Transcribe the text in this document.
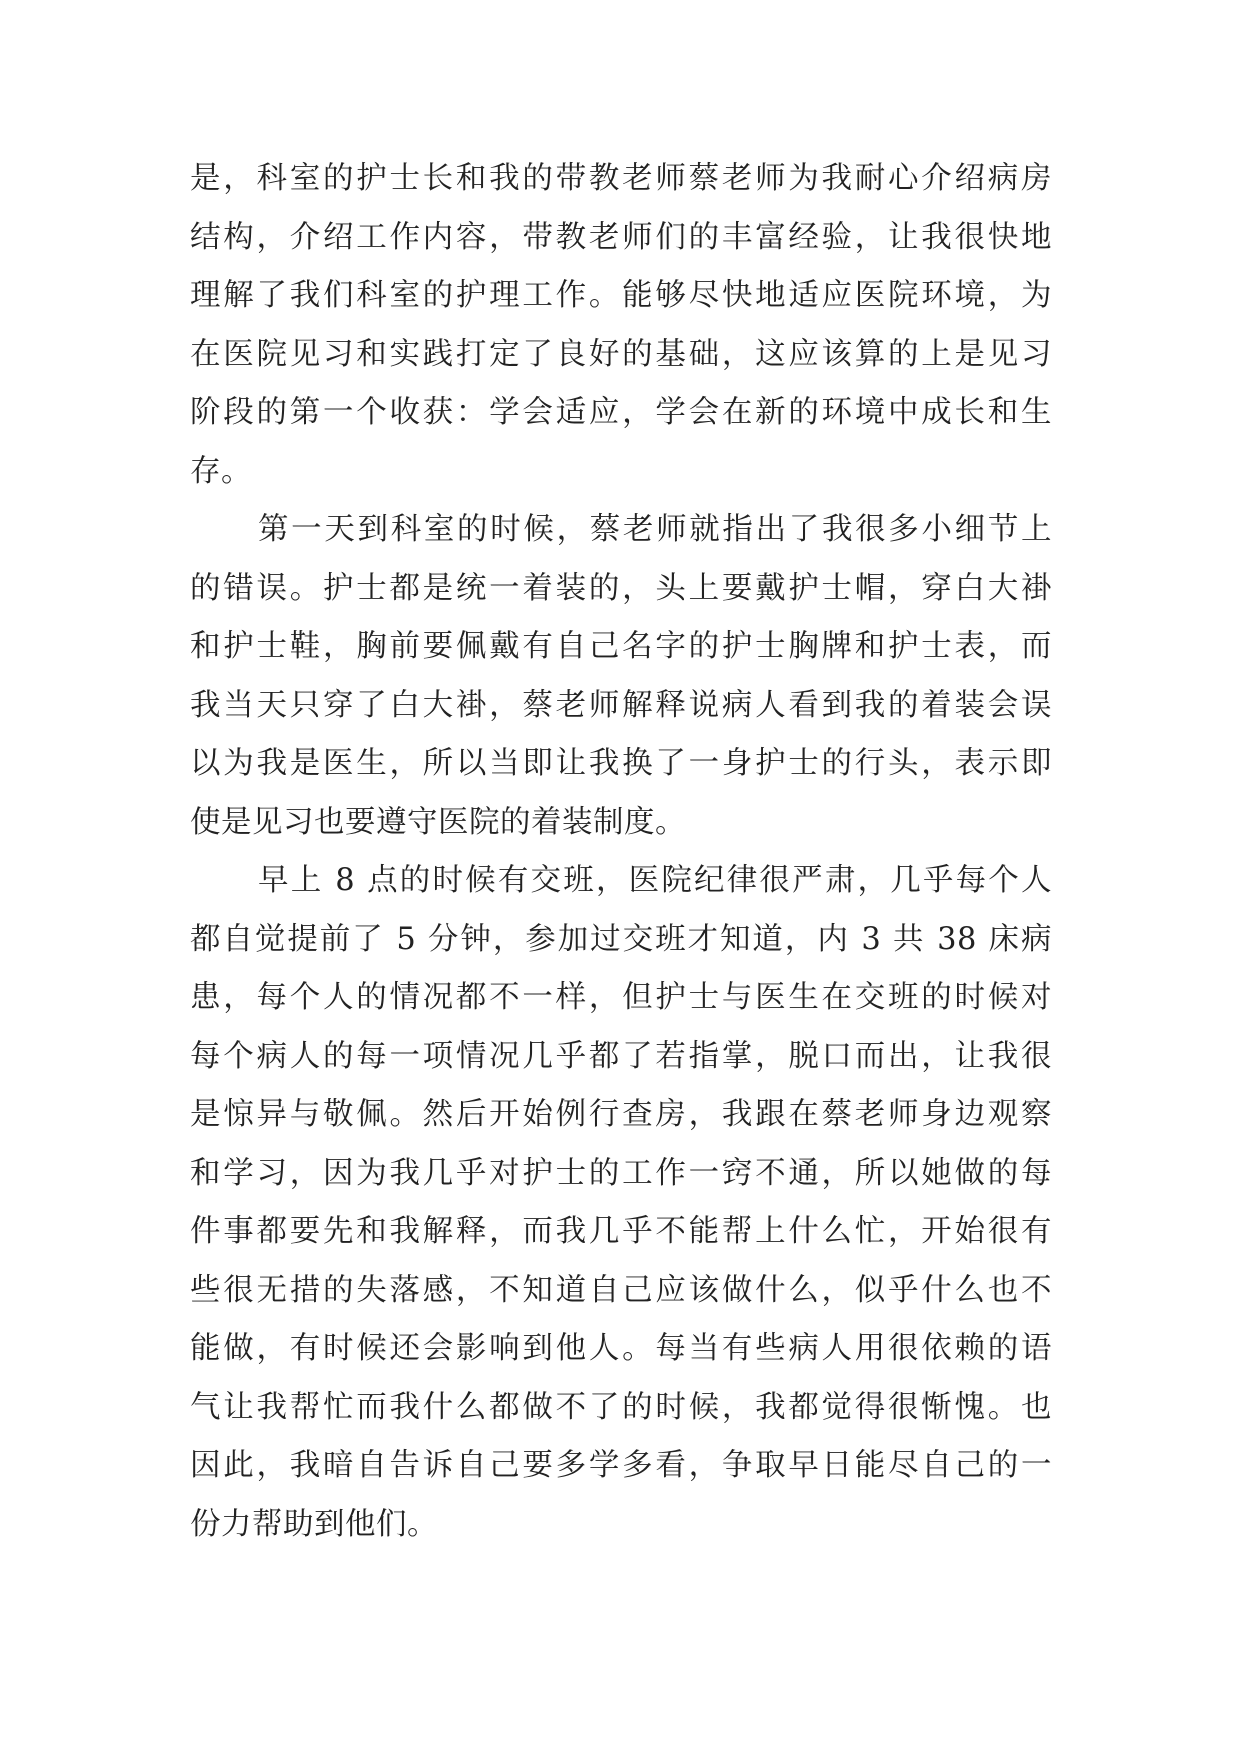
是，科室的护士长和我的带教老师蔡老师为我耐心介绍病房
结构，介绍工作内容，带教老师们的丰富经验，让我很快地
理解了我们科室的护理工作。能够尽快地适应医院环境，为
在医院见习和实践打定了良好的基础，这应该算的上是见习
阶段的第一个收获：学会适应，学会在新的环境中成长和生
存。
第一天到科室的时候，蔡老师就指出了我很多小细节上
的错误。护士都是统一着装的，头上要戴护士帽，穿白大褂
和护士鞋，胸前要佩戴有自己名字的护士胸牌和护士表，而
我当天只穿了白大褂，蔡老师解释说病人看到我的着装会误
以为我是医生，所以当即让我换了一身护士的行头，表示即
使是见习也要遵守医院的着装制度。
早上 8 点的时候有交班，医院纪律很严肃，几乎每个人
都自觉提前了 5 分钟，参加过交班才知道，内 3 共 38 床病
患，每个人的情况都不一样，但护士与医生在交班的时候对
每个病人的每一项情况几乎都了若指掌，脱口而出，让我很
是惊异与敬佩。然后开始例行查房，我跟在蔡老师身边观察
和学习，因为我几乎对护士的工作一窍不通，所以她做的每
件事都要先和我解释，而我几乎不能帮上什么忙，开始很有
些很无措的失落感，不知道自己应该做什么，似乎什么也不
能做，有时候还会影响到他人。每当有些病人用很依赖的语
气让我帮忙而我什么都做不了的时候，我都觉得很惭愧。也
因此，我暗自告诉自己要多学多看，争取早日能尽自己的一
份力帮助到他们。
